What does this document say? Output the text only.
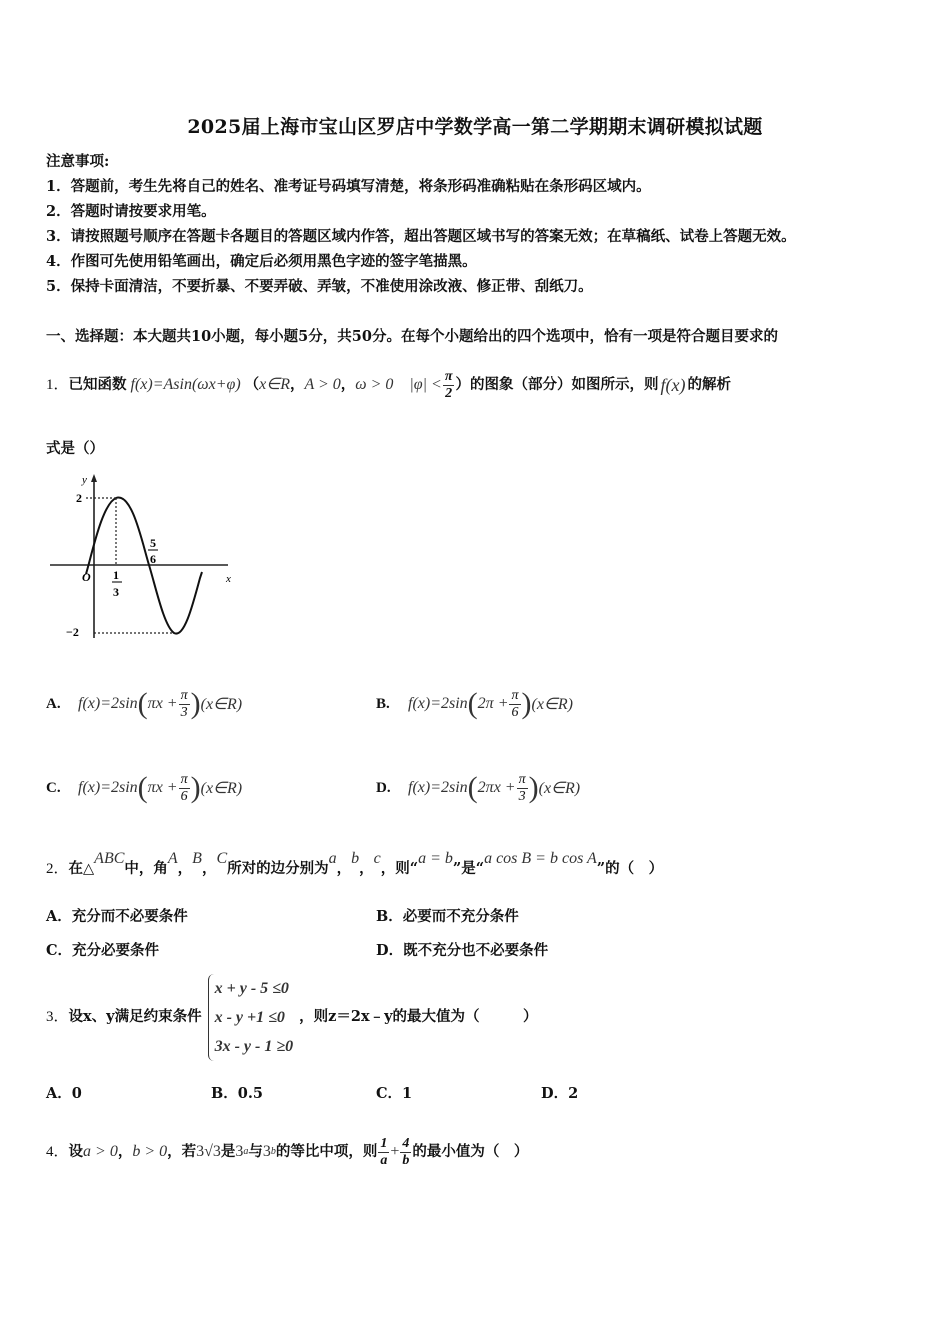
2025届上海市宝山区罗店中学数学高一第二学期期末调研模拟试题
注意事项:
1．答题前，考生先将自己的姓名、准考证号码填写清楚，将条形码准确粘贴在条形码区域内。
2．答题时请按要求用笔。
3．请按照题号顺序在答题卡各题目的答题区域内作答，超出答题区域书写的答案无效；在草稿纸、试卷上答题无效。
4．作图可先使用铅笔画出，确定后必须用黑色字迹的签字笔描黑。
5．保持卡面清洁，不要折暴、不要弄破、弄皱，不准使用涂改液、修正带、刮纸刀。
一、选择题：本大题共10小题，每小题5分，共50分。在每个小题给出的四个选项中，恰有一项是符合题目要求的
1． 已知函数 f(x)=Asin(ωx+φ) （ x∈R ， A > 0 ， ω > 0 $|\varphi| < \frac{\pi}{2}$ ） 的图象（部分）如图所示，则 f(x) 的解析
式是（）
y
2
−2
O 1
3
5
6
x
A.	f(x)=2sin ( $\pi x + \frac{\pi}{3}$ ) (x∈R)	B.	f(x)=2sin ( $2\pi + \frac{\pi}{6}$ ) (x∈R)
C.	f(x)=2sin ( $\pi x + \frac{\pi}{6}$ ) (x∈R)	D.	f(x)=2sin ( $2\pi x + \frac{\pi}{3}$ ) (x∈R)
2． 在△
ABC
中，角
A
，
B
，
C
所对的边分别为
a
，
b
，
c
，则“
a = b
”是“
a cos B = b cos A
”的（　）
A．充分而不必要条件	B．必要而不充分条件
C．充分必要条件	D．既不充分也不必要条件
3． 设x、y满足约束条件
x + y - 5 ≤0
x - y +1 ≤0
3x - y - 1 ≥0
，则z＝2x﹣y的最大值为（　　　）
A．0	B．0.5	C．1	D．2
4． 设 a > 0 ， b > 0 ，若 3 √3 是 3 a 与 3 b 的等比中项，则 $\frac{1}{a} + \frac{4}{b}$ 的最小值为（　）
